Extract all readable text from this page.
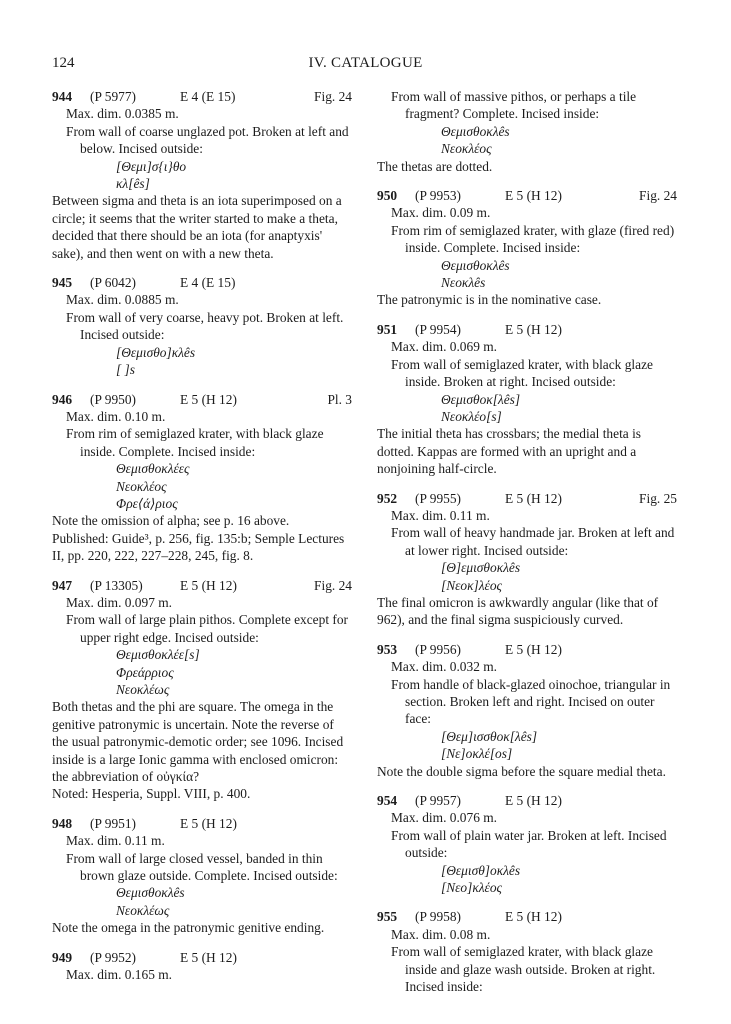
124	IV. CATALOGUE
944	(P 5977)	E 4 (E 15)	Fig. 24
Max. dim. 0.0385 m.
From wall of coarse unglazed pot. Broken at left and below. Incised outside:
[Θεμι]σ{ι}θο
κλ[ês]
Between sigma and theta is an iota superimposed on a circle; it seems that the writer started to make a theta, decided that there should be an iota (for anaptyxis' sake), and then went on with a new theta.
945	(P 6042)	E 4 (E 15)
Max. dim. 0.0885 m.
From wall of very coarse, heavy pot. Broken at left. Incised outside:
[Θεμισθο]κλês
[ ]s
946	(P 9950)	E 5 (H 12)	Pl. 3
Max. dim. 0.10 m.
From rim of semiglazed krater, with black glaze inside. Complete. Incised inside:
Θεμισθοκλέες
Νεοκλέος
Φρε⟨ά⟩ριος
Note the omission of alpha; see p. 16 above.
Published: Guide³, p. 256, fig. 135:b; Semple Lectures II, pp. 220, 222, 227–228, 245, fig. 8.
947	(P 13305)	E 5 (H 12)	Fig. 24
Max. dim. 0.097 m.
From wall of large plain pithos. Complete except for upper right edge. Incised outside:
Θεμισθοκλέε[s]
Φρεάρριος
Νεοκλέως
Both thetas and the phi are square. The omega in the genitive patronymic is uncertain. Note the reverse of the usual patronymic-demotic order; see 1096. Incised inside is a large Ionic gamma with enclosed omicron: the abbreviation of οὐγκία?
Noted: Hesperia, Suppl. VIII, p. 400.
948	(P 9951)	E 5 (H 12)
Max. dim. 0.11 m.
From wall of large closed vessel, banded in thin brown glaze outside. Complete. Incised outside:
Θεμισθοκλês
Νεοκλέως
Note the omega in the patronymic genitive ending.
949	(P 9952)	E 5 (H 12)
Max. dim. 0.165 m.
From wall of massive pithos, or perhaps a tile fragment? Complete. Incised inside:
Θεμισθοκλês
Νεοκλέος
The thetas are dotted.
950	(P 9953)	E 5 (H 12)	Fig. 24
Max. dim. 0.09 m.
From rim of semiglazed krater, with glaze (fired red) inside. Complete. Incised inside:
Θεμισθοκλês
Νεοκλês
The patronymic is in the nominative case.
951	(P 9954)	E 5 (H 12)
Max. dim. 0.069 m.
From wall of semiglazed krater, with black glaze inside. Broken at right. Incised outside:
Θεμισθοκ[λês]
Νεοκλέο[s]
The initial theta has crossbars; the medial theta is dotted. Kappas are formed with an upright and a nonjoining half-circle.
952	(P 9955)	E 5 (H 12)	Fig. 25
Max. dim. 0.11 m.
From wall of heavy handmade jar. Broken at left and at lower right. Incised outside:
[Θ]εμισθοκλês
[Νεοκ]λέος
The final omicron is awkwardly angular (like that of 962), and the final sigma suspiciously curved.
953	(P 9956)	E 5 (H 12)
Max. dim. 0.032 m.
From handle of black-glazed oinochoe, triangular in section. Broken left and right. Incised on outer face:
[Θεμ]ισσθοκ[λês]
[Νε]οκλέ[οs]
Note the double sigma before the square medial theta.
954	(P 9957)	E 5 (H 12)
Max. dim. 0.076 m.
From wall of plain water jar. Broken at left. Incised outside:
[Θεμισθ]οκλês
[Νεο]κλέος
955	(P 9958)	E 5 (H 12)
Max. dim. 0.08 m.
From wall of semiglazed krater, with black glaze inside and glaze wash outside. Broken at right. Incised inside:
